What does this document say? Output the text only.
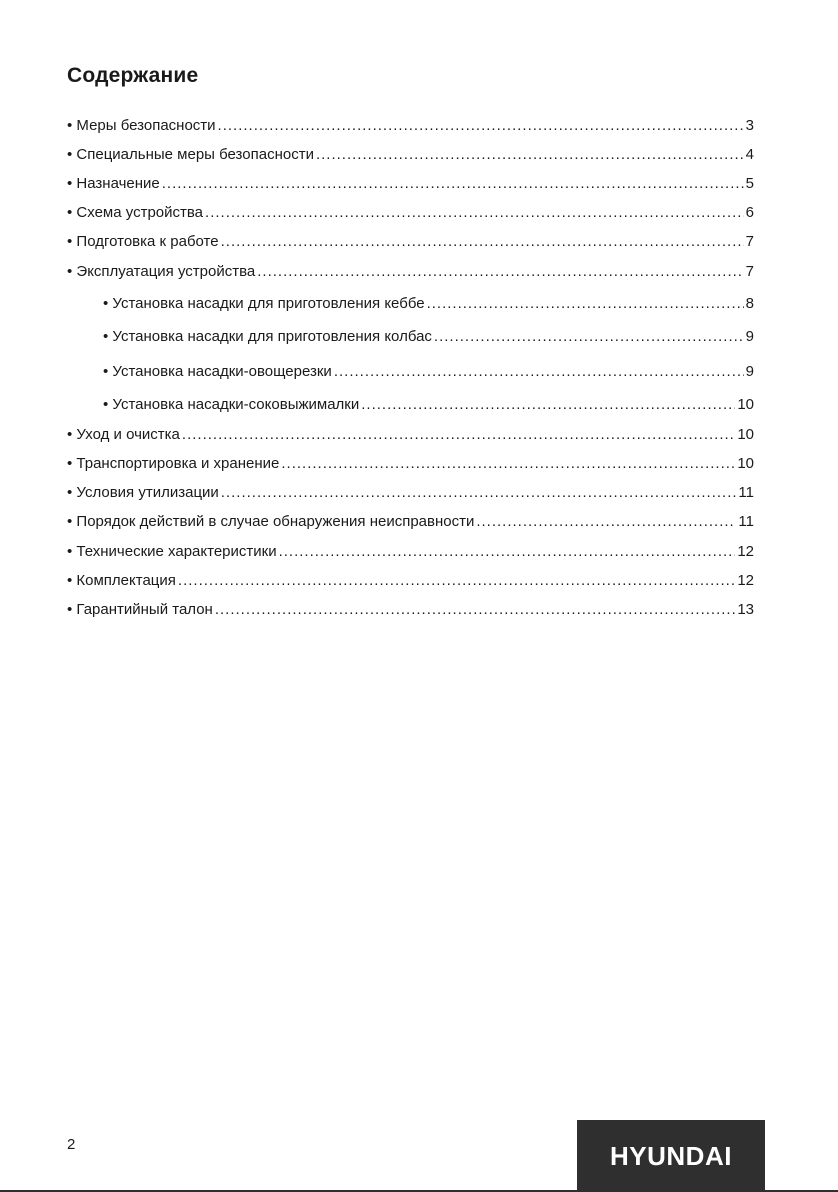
Содержание
• Меры безопасности .....	3
• Специальные меры безопасности .....	4
• Назначение .....	5
• Схема устройства .....	6
• Подготовка к работе .....	7
• Эксплуатация устройства .....	7
• Установка насадки для приготовления кеббе .....	8
• Установка насадки для приготовления колбас .....	9
• Установка насадки-овощерезки .....	9
• Установка насадки-соковыжималки .....	10
• Уход и очистка .....	10
• Транспортировка и хранение .....	10
• Условия утилизации .....	11
• Порядок действий в случае обнаружения неисправности .....	11
• Технические характеристики .....	12
• Комплектация .....	12
• Гарантийный талон .....	13
2	HYUNDAI
